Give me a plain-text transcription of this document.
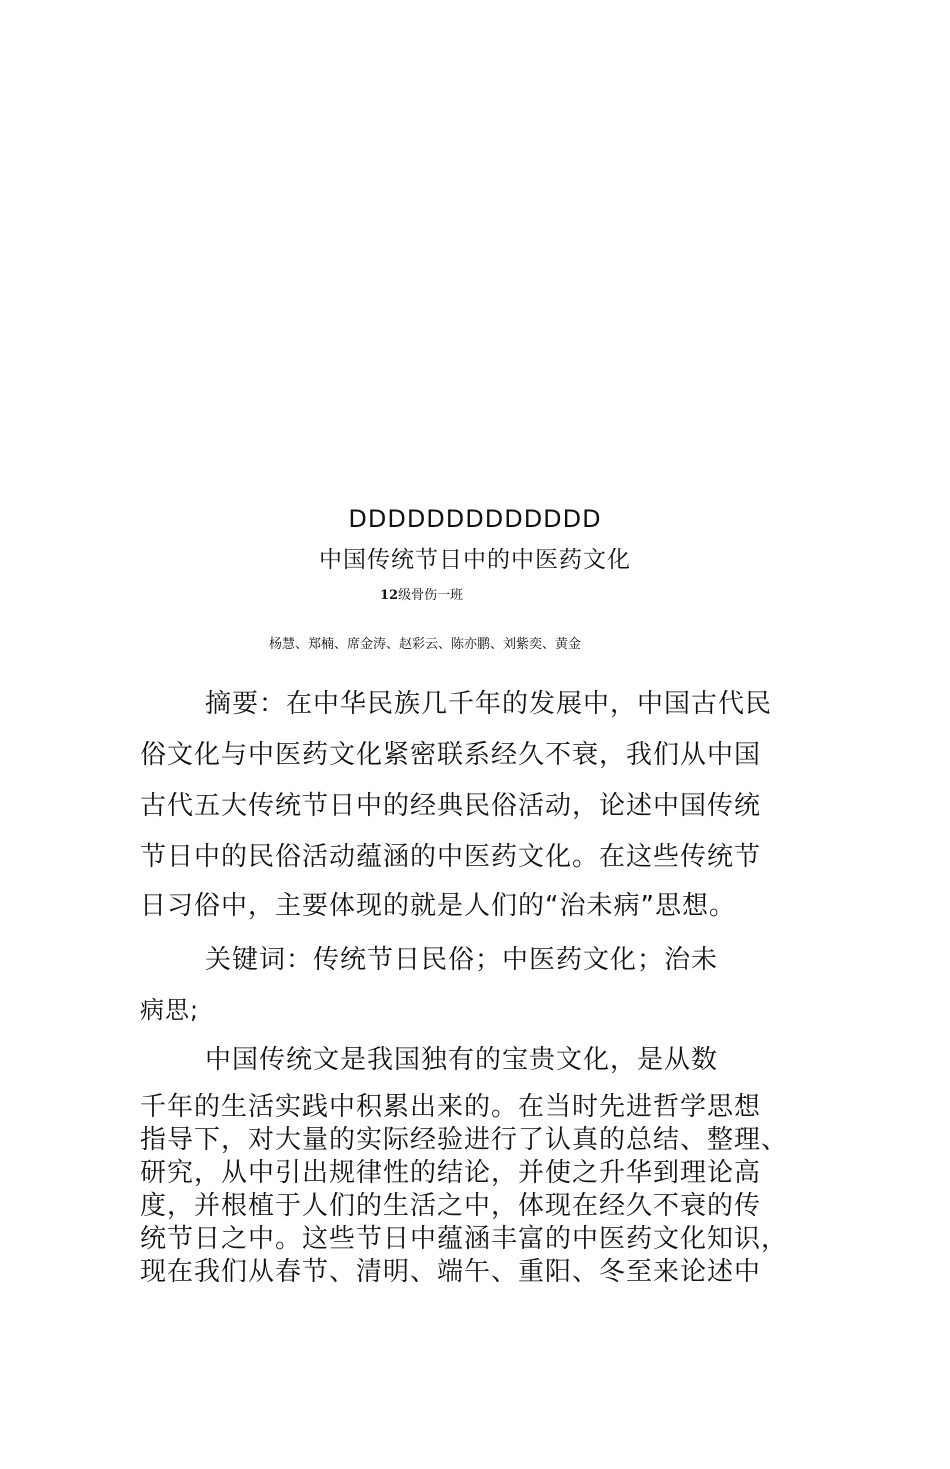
DDDDDDDDDDDDD
中国传统节日中的中医药文化
12级骨伤一班
杨慧、郑楠、席金涛、赵彩云、陈亦鹏、刘紫奕、黄金
摘要：在中华民族几千年的发展中，中国古代民
俗文化与中医药文化紧密联系经久不衰，我们从中国
古代五大传统节日中的经典民俗活动，论述中国传统
节日中的民俗活动蕴涵的中医药文化。在这些传统节
日习俗中，主要体现的就是人们的“治未病”思想。
关键词：传统节日民俗；中医药文化；治未
病思;
中国传统文是我国独有的宝贵文化，是从数
千年的生活实践中积累出来的。在当时先进哲学思想
指导下，对大量的实际经验进行了认真的总结、整理、
研究，从中引出规律性的结论，并使之升华到理论高
度，并根植于人们的生活之中，体现在经久不衰的传
统节日之中。这些节日中蕴涵丰富的中医药文化知识，
现在我们从春节、清明、端午、重阳、冬至来论述中
